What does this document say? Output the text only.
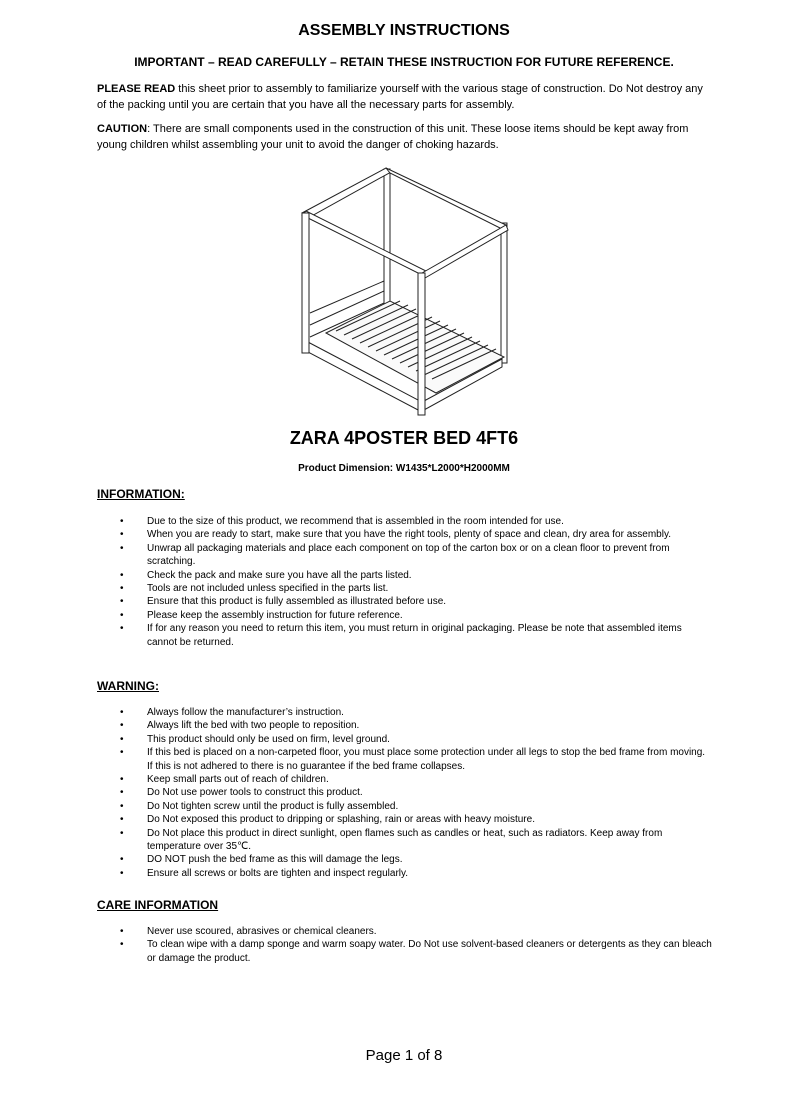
ASSEMBLY INSTRUCTIONS
IMPORTANT – READ CAREFULLY – RETAIN THESE INSTRUCTION FOR FUTURE REFERENCE.
PLEASE READ this sheet prior to assembly to familiarize yourself with the various stage of construction. Do Not destroy any of the packing until you are certain that you have all the necessary parts for assembly.
CAUTION: There are small components used in the construction of this unit. These loose items should be kept away from young children whilst assembling your unit to avoid the danger of choking hazards.
ZARA 4POSTER BED 4FT6
Product Dimension: W1435*L2000*H2000MM
INFORMATION:
• Due to the size of this product, we recommend that is assembled in the room intended for use.
• When you are ready to start, make sure that you have the right tools, plenty of space and clean, dry area for assembly.
• Unwrap all packaging materials and place each component on top of the carton box or on a clean floor to prevent from scratching.
• Check the pack and make sure you have all the parts listed.
• Tools are not included unless specified in the parts list.
• Ensure that this product is fully assembled as illustrated before use.
• Please keep the assembly instruction for future reference.
• If for any reason you need to return this item, you must return in original packaging. Please be note that assembled items cannot be returned.
WARNING:
• Always follow the manufacturer’s instruction.
• Always lift the bed with two people to reposition.
• This product should only be used on firm, level ground.
• If this bed is placed on a non-carpeted floor, you must place some protection under all legs to stop the bed frame from moving. If this is not adhered to there is no guarantee if the bed frame collapses.
• Keep small parts out of reach of children.
• Do Not use power tools to construct this product.
• Do Not tighten screw until the product is fully assembled.
• Do Not exposed this product to dripping or splashing, rain or areas with heavy moisture.
• Do Not place this product in direct sunlight, open flames such as candles or heat, such as radiators. Keep away from temperature over 35℃.
• DO NOT push the bed frame as this will damage the legs.
• Ensure all screws or bolts are tighten and inspect regularly.
CARE INFORMATION
• Never use scoured, abrasives or chemical cleaners.
• To clean wipe with a damp sponge and warm soapy water. Do Not use solvent-based cleaners or detergents as they can bleach or damage the product.
Page 1 of 8
